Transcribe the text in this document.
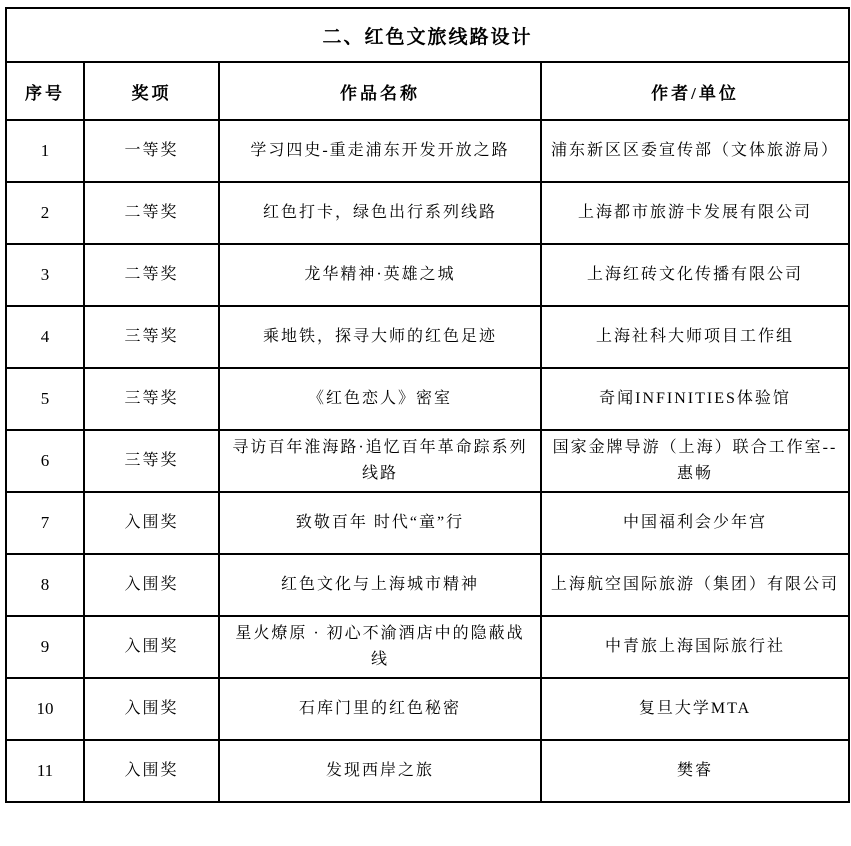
二、红色文旅线路设计			
序号	奖项	作品名称	作者/单位
1	一等奖	学习四史-重走浦东开发开放之路	浦东新区区委宣传部（文体旅游局）
2	二等奖	红色打卡，绿色出行系列线路	上海都市旅游卡发展有限公司
3	二等奖	龙华精神·英雄之城	上海红砖文化传播有限公司
4	三等奖	乘地铁，探寻大师的红色足迹	上海社科大师项目工作组
5	三等奖	《红色恋人》密室	奇闻INFINITIES体验馆
6	三等奖	寻访百年淮海路·追忆百年革命踪系列线路	国家金牌导游（上海）联合工作室--惠畅
7	入围奖	致敬百年 时代“童”行	中国福利会少年宫
8	入围奖	红色文化与上海城市精神	上海航空国际旅游（集团）有限公司
9	入围奖	星火燎原 · 初心不渝酒店中的隐蔽战线	中青旅上海国际旅行社
10	入围奖	石库门里的红色秘密	复旦大学MTA
11	入围奖	发现西岸之旅	樊睿
